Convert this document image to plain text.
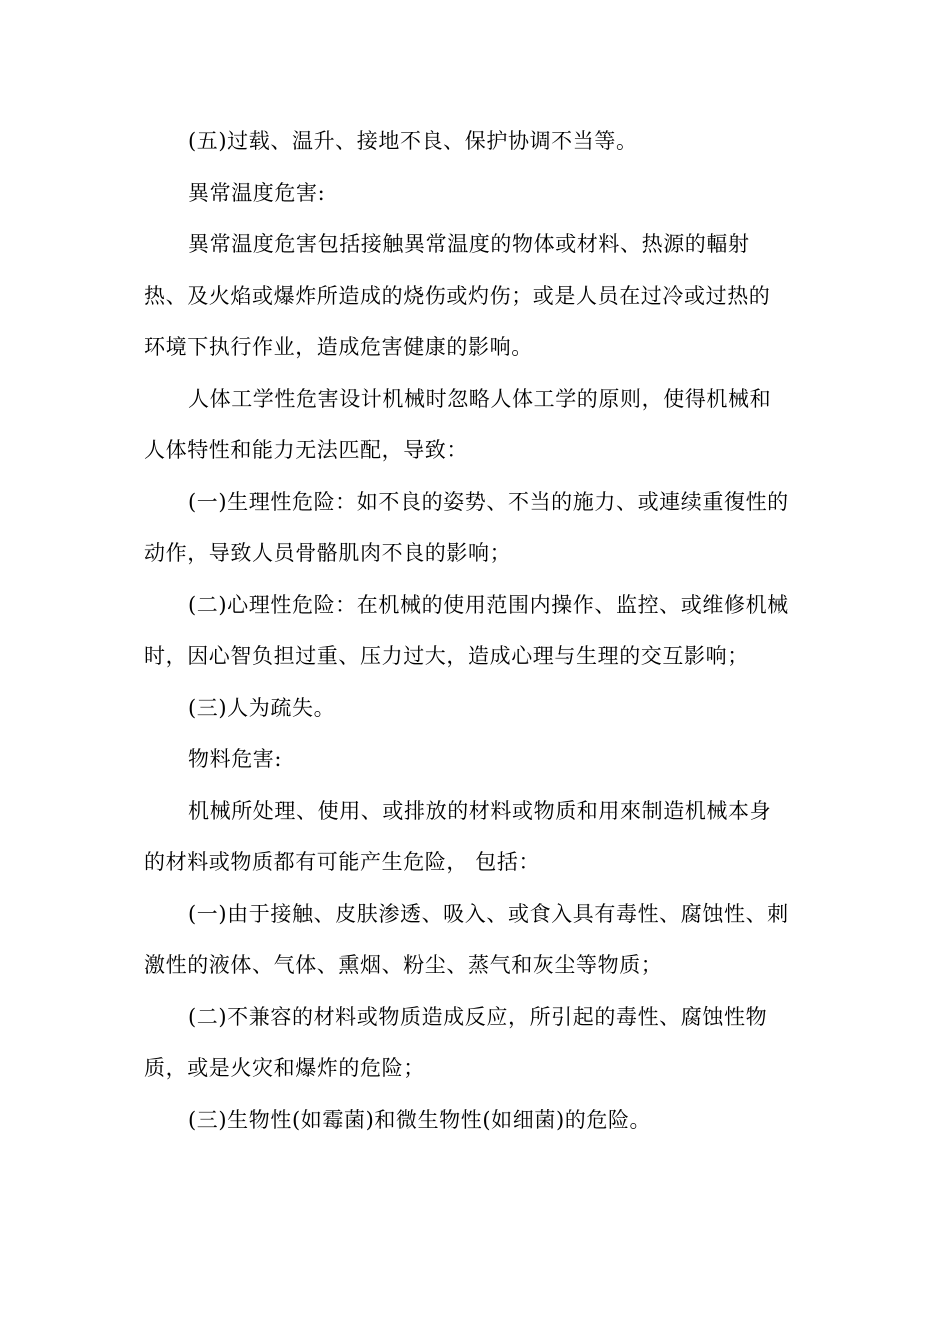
(五)过载、温升、接地不良、保护协调不当等。
異常温度危害:
異常温度危害包括接触異常温度的物体或材料、热源的輻射
热、及火焰或爆炸所造成的烧伤或灼伤；或是人员在过冷或过热的
环境下执行作业，造成危害健康的影响。
人体工学性危害设计机械时忽略人体工学的原则，使得机械和
人体特性和能力无法匹配，导致：
(一)生理性危险：如不良的姿势、不当的施力、或連续重復性的
动作，导致人员骨骼肌肉不良的影响；
(二)心理性危险：在机械的使用范围内操作、监控、或维修机械
时，因心智负担过重、压力过大，造成心理与生理的交互影响；
(三)人为疏失。
物料危害:
机械所处理、使用、或排放的材料或物质和用來制造机械本身
的材料或物质都有可能产生危险， 包括：
(一)由于接触、皮肤渗透、吸入、或食入具有毒性、腐蚀性、刺
激性的液体、气体、熏烟、粉尘、蒸气和灰尘等物质；
(二)不兼容的材料或物质造成反应，所引起的毒性、腐蚀性物
质，或是火灾和爆炸的危险；
(三)生物性(如霉菌)和微生物性(如细菌)的危险。
